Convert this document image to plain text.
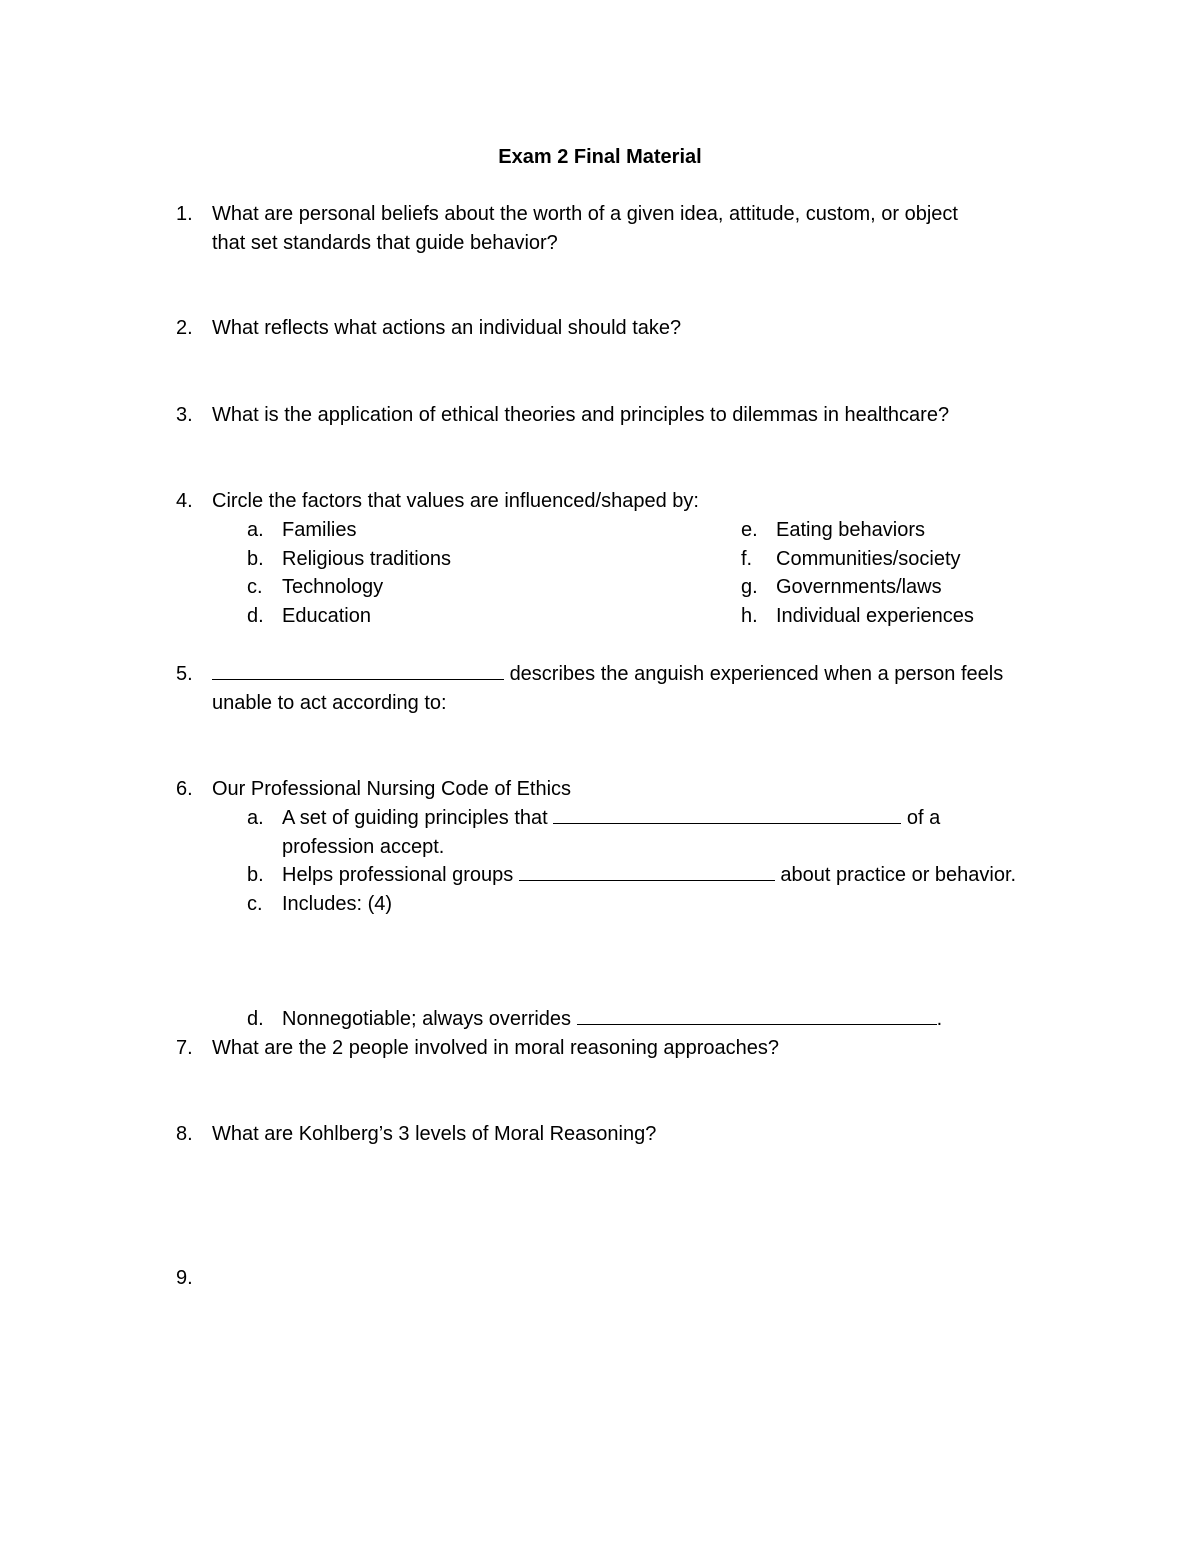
Exam 2 Final Material
1. What are personal beliefs about the worth of a given idea, attitude, custom, or object
that set standards that guide behavior?
2. What reflects what actions an individual should take?
3. What is the application of ethical theories and principles to dilemmas in healthcare?
4. Circle the factors that values are influenced/shaped by:
a. Families
b. Religious traditions
c. Technology
d. Education
e. Eating behaviors
f. Communities/society
g. Governments/laws
h. Individual experiences
5.	describes the anguish experienced when a person feels
unable to act according to:
6. Our Professional Nursing Code of Ethics
a. A set of guiding principles that	of a
profession accept.
b. Helps professional groups	about practice or behavior.
c. Includes: (4)
d. Nonnegotiable; always overrides	.
7. What are the 2 people involved in moral reasoning approaches?
8. What are Kohlberg’s 3 levels of Moral Reasoning?
9.
